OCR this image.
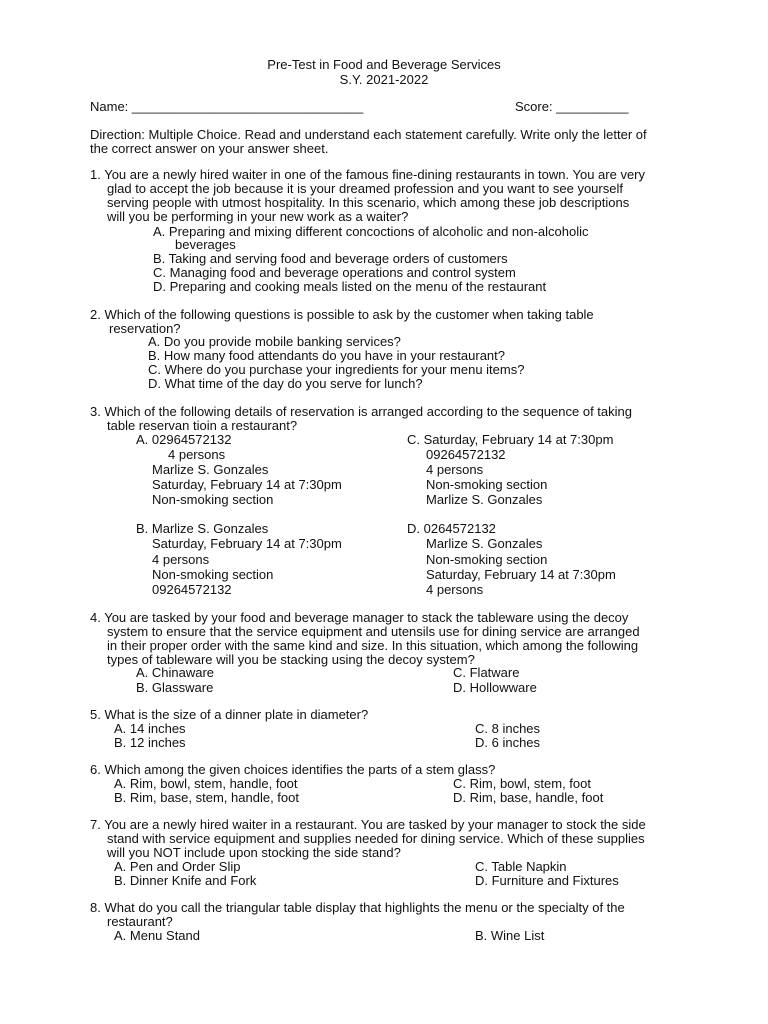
Pre-Test in Food and Beverage Services
S.Y. 2021-2022
Name: ________________________________	Score: __________
Direction: Multiple Choice. Read and understand each statement carefully. Write only the letter of
the correct answer on your answer sheet.
1. You are a newly hired waiter in one of the famous fine-dining restaurants in town. You are very
glad to accept the job because it is your dreamed profession and you want to see yourself
serving people with utmost hospitality. In this scenario, which among these job descriptions
will you be performing in your new work as a waiter?
A. Preparing and mixing different concoctions of alcoholic and non-alcoholic
beverages
B. Taking and serving food and beverage orders of customers
C. Managing food and beverage operations and control system
D. Preparing and cooking meals listed on the menu of the restaurant
2. Which of the following questions is possible to ask by the customer when taking table
reservation?
A. Do you provide mobile banking services?
B. How many food attendants do you have in your restaurant?
C. Where do you purchase your ingredients for your menu items?
D. What time of the day do you serve for lunch?
3. Which of the following details of reservation is arranged according to the sequence of taking
table reservan tioin a restaurant?
A. 02964572132
4 persons
Marlize S. Gonzales
Saturday, February 14 at 7:30pm
Non-smoking section
C. Saturday, February 14 at 7:30pm
09264572132
4 persons
Non-smoking section
Marlize S. Gonzales
B. Marlize S. Gonzales
Saturday, February 14 at 7:30pm
4 persons
Non-smoking section
09264572132
D. 0264572132
Marlize S. Gonzales
Non-smoking section
Saturday, February 14 at 7:30pm
4 persons
4. You are tasked by your food and beverage manager to stack the tableware using the decoy
system to ensure that the service equipment and utensils use for dining service are arranged
in their proper order with the same kind and size. In this situation, which among the following
types of tableware will you be stacking using the decoy system?
A. Chinaware	C. Flatware
B. Glassware	D. Hollowware
5. What is the size of a dinner plate in diameter?
A. 14 inches	C. 8 inches
B. 12 inches	D. 6 inches
6. Which among the given choices identifies the parts of a stem glass?
A. Rim, bowl, stem, handle, foot	C. Rim, bowl, stem, foot
B. Rim, base, stem, handle, foot	D. Rim, base, handle, foot
7. You are a newly hired waiter in a restaurant. You are tasked by your manager to stock the side
stand with service equipment and supplies needed for dining service. Which of these supplies
will you NOT include upon stocking the side stand?
A. Pen and Order Slip	C. Table Napkin
B. Dinner Knife and Fork	D. Furniture and Fixtures
8. What do you call the triangular table display that highlights the menu or the specialty of the
restaurant?
A. Menu Stand	B. Wine List
